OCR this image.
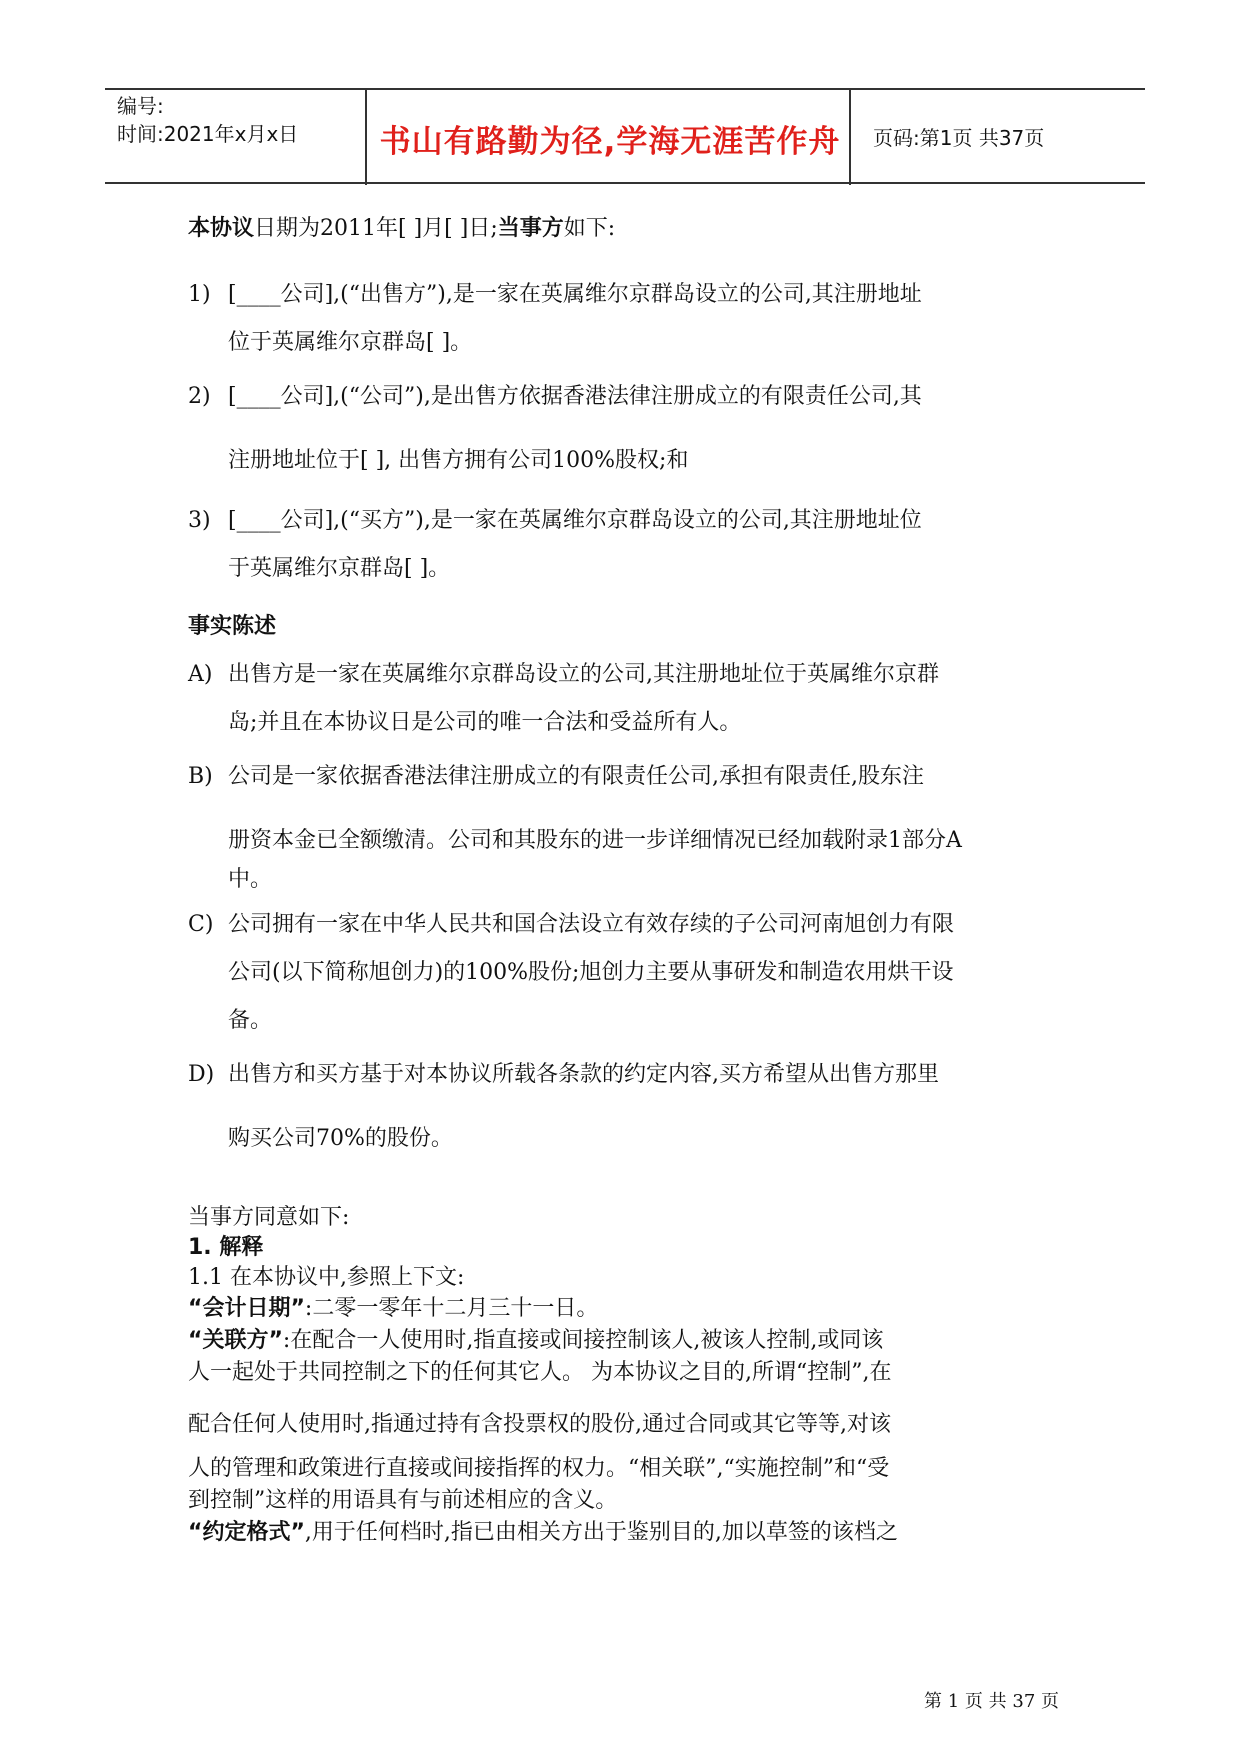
编号:
时间:2021年x月x日	书山有路勤为径,学海无涯苦作舟	页码:第1页 共37页

本协议日期为2011年[ ]月[ ]日;当事方如下:

1) [____公司],(“出售方”),是一家在英属维尔京群岛设立的公司,其注册地址
位于英属维尔京群岛[ ]。
2) [____公司],(“公司”),是出售方依据香港法律注册成立的有限责任公司,其
注册地址位于[ ], 出售方拥有公司100%股权;和
3) [____公司],(“买方”),是一家在英属维尔京群岛设立的公司,其注册地址位
于英属维尔京群岛[ ]。
事实陈述
A) 出售方是一家在英属维尔京群岛设立的公司,其注册地址位于英属维尔京群
岛;并且在本协议日是公司的唯一合法和受益所有人。
B) 公司是一家依据香港法律注册成立的有限责任公司,承担有限责任,股东注
册资本金已全额缴清。公司和其股东的进一步详细情况已经加载附录1部分A
中。
C) 公司拥有一家在中华人民共和国合法设立有效存续的子公司河南旭创力有限
公司(以下简称旭创力)的100%股份;旭创力主要从事研发和制造农用烘干设
备。
D) 出售方和买方基于对本协议所载各条款的约定内容,买方希望从出售方那里
购买公司70%的股份。

当事方同意如下:

1. 解释

1.1 在本协议中,参照上下文:

“会计日期”:二零一零年十二月三十一日。

“关联方”:在配合一人使用时,指直接或间接控制该人,被该人控制,或同该

人一起处于共同控制之下的任何其它人。 为本协议之目的,所谓“控制”,在

配合任何人使用时,指通过持有含投票权的股份,通过合同或其它等等,对该

人的管理和政策进行直接或间接指挥的权力。“相关联”,“实施控制”和“受

到控制”这样的用语具有与前述相应的含义。

“约定格式”,用于任何档时,指已由相关方出于鉴别目的,加以草签的该档之

第 1 页 共 37 页
